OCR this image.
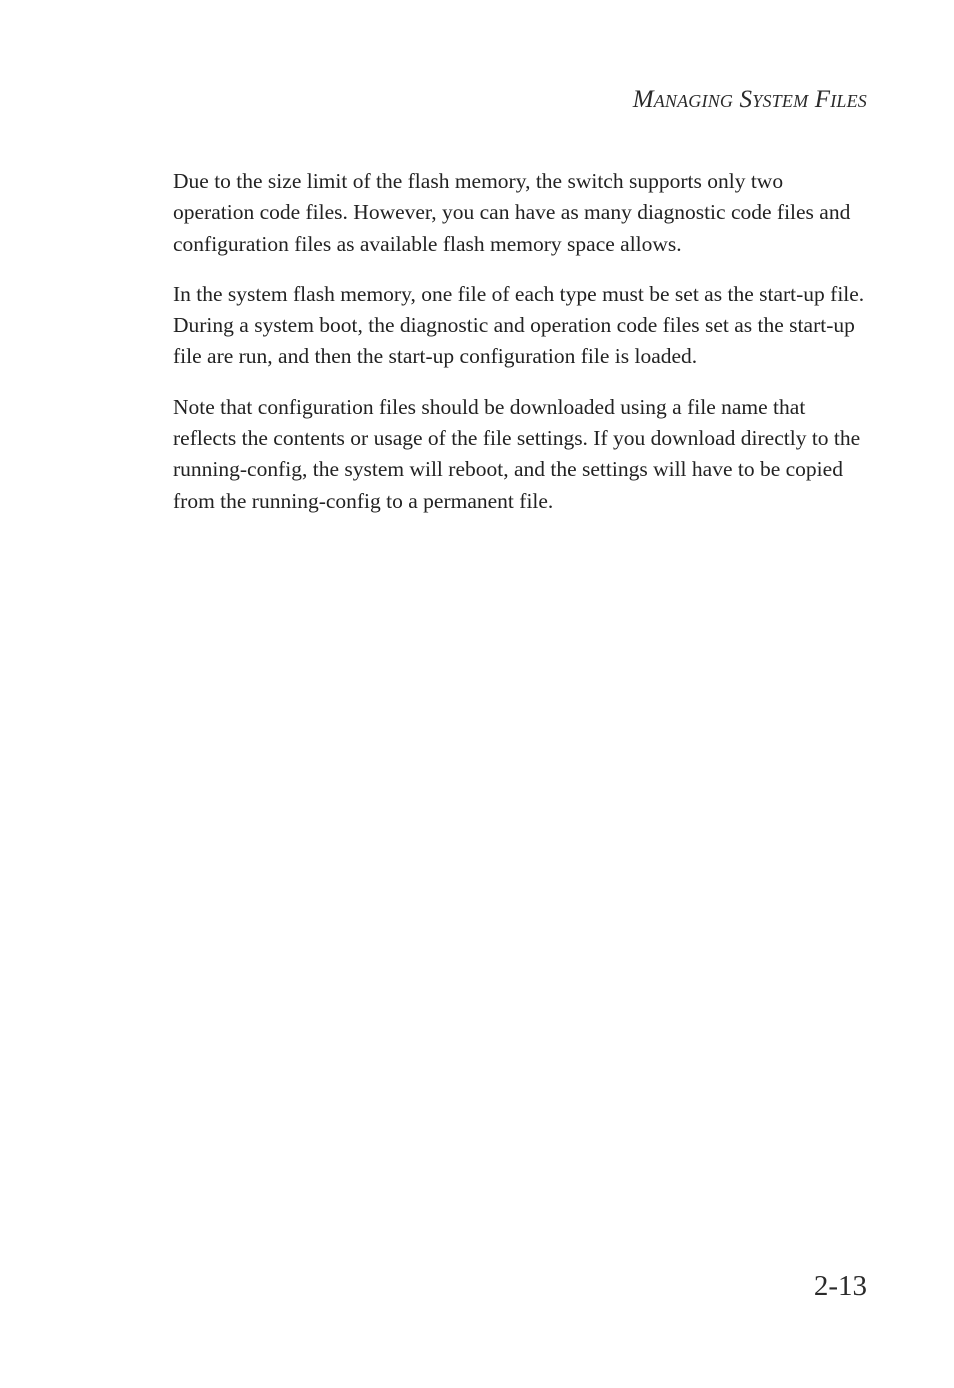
Managing System Files

Due to the size limit of the flash memory, the switch supports only two operation code files. However, you can have as many diagnostic code files and configuration files as available flash memory space allows.

In the system flash memory, one file of each type must be set as the start-up file. During a system boot, the diagnostic and operation code files set as the start-up file are run, and then the start-up configuration file is loaded.

Note that configuration files should be downloaded using a file name that reflects the contents or usage of the file settings. If you download directly to the running-config, the system will reboot, and the settings will have to be copied from the running-config to a permanent file.

2-13
